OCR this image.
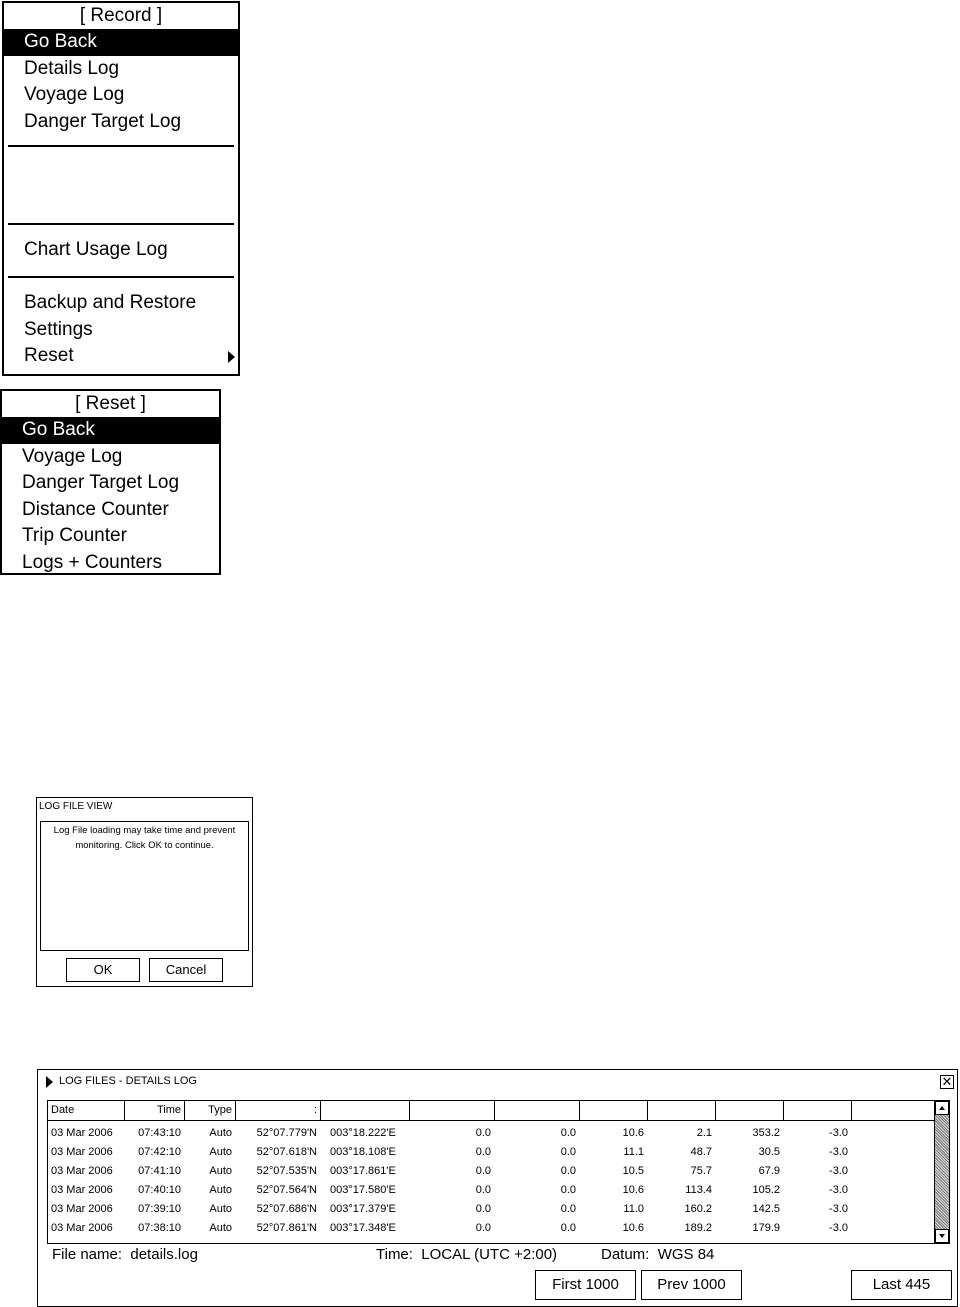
[ Record ]
Go Back
Details Log
Voyage Log
Danger Target Log
Chart Usage Log
Backup and Restore
Settings
Reset
[ Reset ]
Go Back
Voyage Log
Danger Target Log
Distance Counter
Trip Counter
Logs + Counters
LOG FILE VIEW
Log File loading may take time and prevent monitoring. Click OK to continue.
OK	Cancel
LOG FILES - DETAILS LOG	✕
Date	Time	Type	:
03 Mar 2006	07:43:10	Auto	52°07.779'N 003°18.222'E	0.0	0.0	10.6	2.1	353.2	-3.0
03 Mar 2006	07:42:10	Auto	52°07.618'N 003°18.108'E	0.0	0.0	11.1	48.7	30.5	-3.0
03 Mar 2006	07:41:10	Auto	52°07.535'N 003°17.861'E	0.0	0.0	10.5	75.7	67.9	-3.0
03 Mar 2006	07:40:10	Auto	52°07.564'N 003°17.580'E	0.0	0.0	10.6	113.4	105.2	-3.0
03 Mar 2006	07:39:10	Auto	52°07.686'N 003°17.379'E	0.0	0.0	11.0	160.2	142.5	-3.0
03 Mar 2006	07:38:10	Auto	52°07.861'N 003°17.348'E	0.0	0.0	10.6	189.2	179.9	-3.0
File name: details.log	Time: LOCAL (UTC +2:00)	Datum: WGS 84
First 1000	Prev 1000	Last 445
